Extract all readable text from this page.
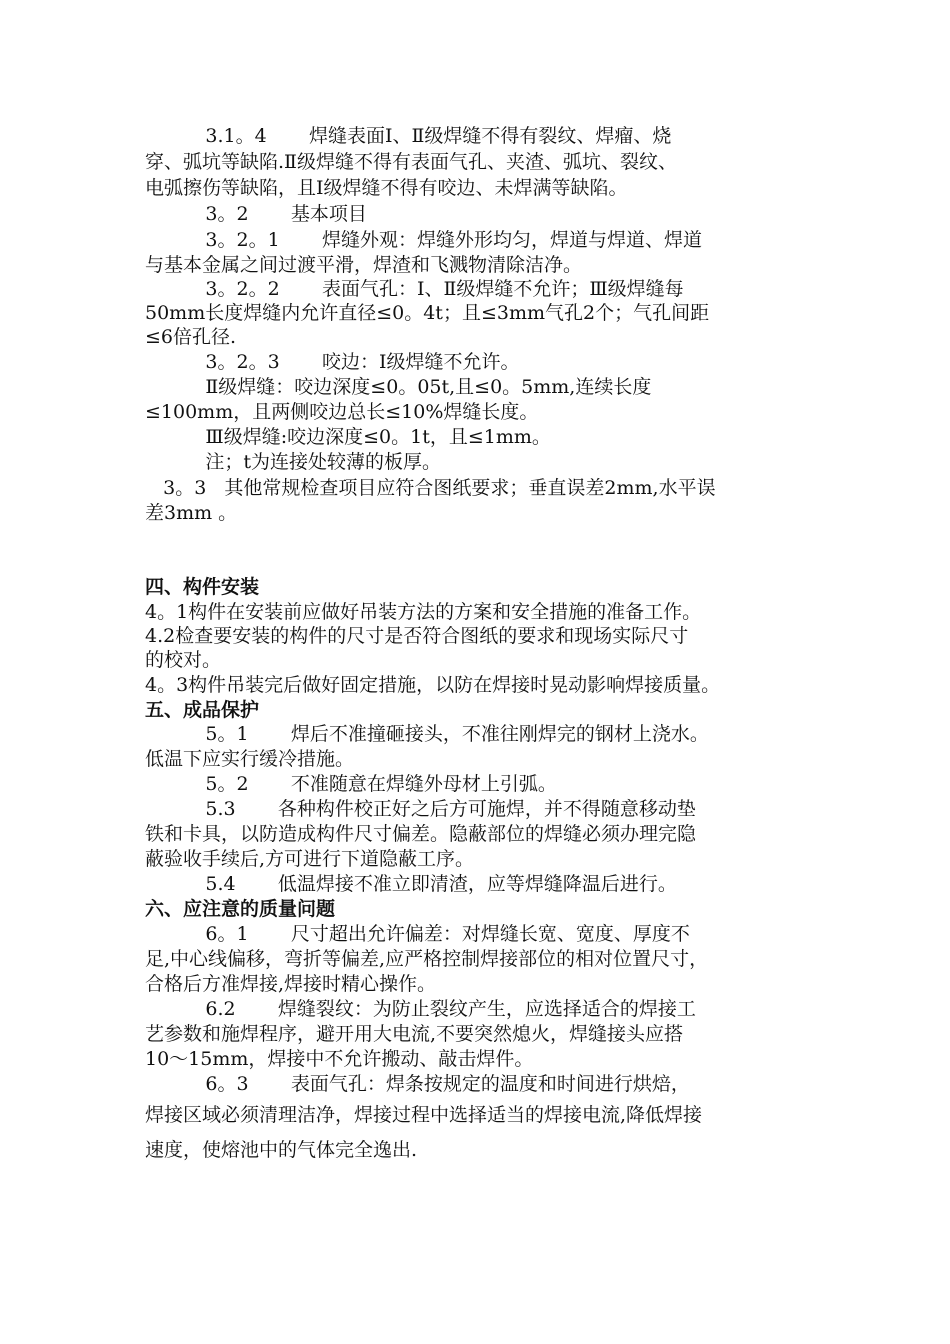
3.1。4       焊缝表面Ⅰ、Ⅱ级焊缝不得有裂纹、焊瘤、烧
穿、弧坑等缺陷.Ⅱ级焊缝不得有表面气孔、夹渣、弧坑、裂纹、
电弧擦伤等缺陷，且Ⅰ级焊缝不得有咬边、未焊满等缺陷。
3。2       基本项目
3。2。1       焊缝外观：焊缝外形均匀，焊道与焊道、焊道
与基本金属之间过渡平滑，焊渣和飞溅物清除洁净。
3。2。2       表面气孔：Ⅰ、Ⅱ级焊缝不允许；Ⅲ级焊缝每
50mm长度焊缝内允许直径≤0。4t；且≤3mm气孔2个；气孔间距
≤6倍孔径.
3。2。3       咬边：Ⅰ级焊缝不允许。
Ⅱ级焊缝：咬边深度≤0。05t,且≤0。5mm,连续长度
≤100mm，且两侧咬边总长≤10%焊缝长度。
Ⅲ级焊缝:咬边深度≤0。1t，且≤1mm。
注；t为连接处较薄的板厚。
3。3   其他常规检查项目应符合图纸要求；垂直误差2mm,水平误
差3mm 。
四、构件安装
4。1构件在安装前应做好吊装方法的方案和安全措施的准备工作。
4.2检查要安装的构件的尺寸是否符合图纸的要求和现场实际尺寸
的校对。
4。3构件吊装完后做好固定措施，以防在焊接时晃动影响焊接质量。
五、成品保护
5。1       焊后不准撞砸接头，不准往刚焊完的钢材上浇水。
低温下应实行缓冷措施。
5。2       不准随意在焊缝外母材上引弧。
5.3       各种构件校正好之后方可施焊，并不得随意移动垫
铁和卡具，以防造成构件尺寸偏差。隐蔽部位的焊缝必须办理完隐
蔽验收手续后,方可进行下道隐蔽工序。
5.4       低温焊接不准立即清渣，应等焊缝降温后进行。
六、应注意的质量问题
6。1       尺寸超出允许偏差：对焊缝长宽、宽度、厚度不
足,中心线偏移，弯折等偏差,应严格控制焊接部位的相对位置尺寸，
合格后方准焊接,焊接时精心操作。
6.2       焊缝裂纹：为防止裂纹产生，应选择适合的焊接工
艺参数和施焊程序，避开用大电流,不要突然熄火，焊缝接头应搭
10～15mm，焊接中不允许搬动、敲击焊件。
6。3       表面气孔：焊条按规定的温度和时间进行烘焙，
焊接区域必须清理洁净，焊接过程中选择适当的焊接电流,降低焊接
速度，使熔池中的气体完全逸出.
